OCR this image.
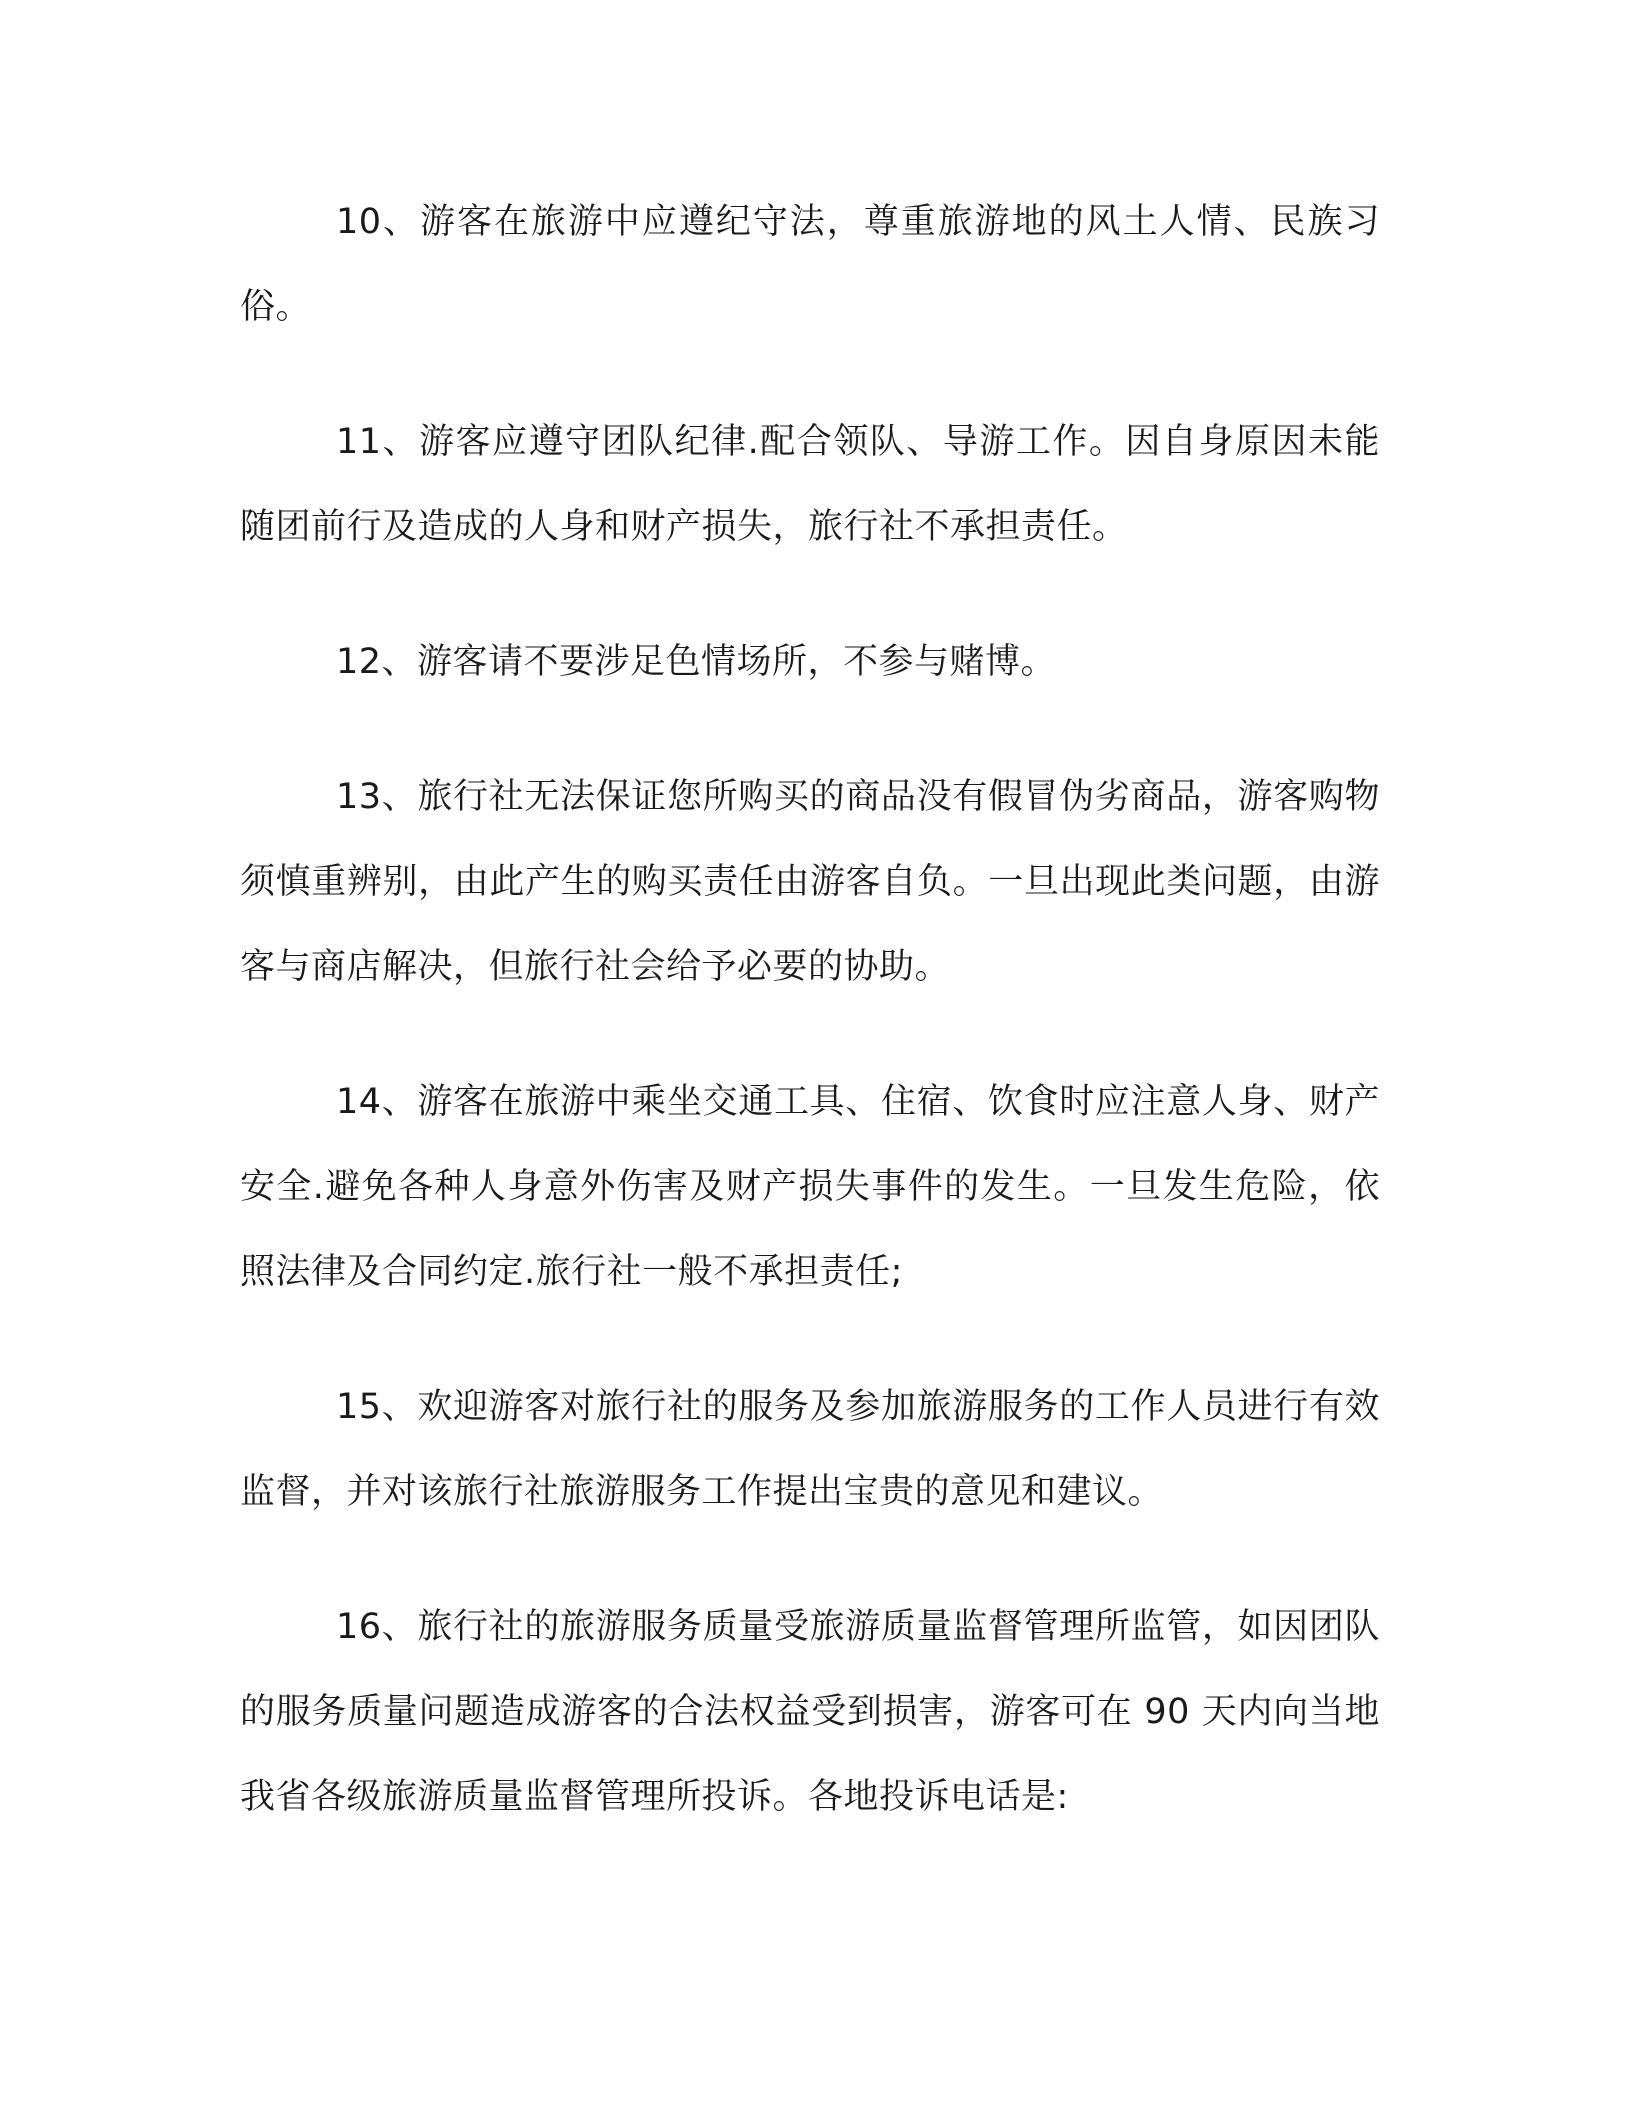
10、游客在旅游中应遵纪守法，尊重旅游地的风土人情、民族习俗。

11、游客应遵守团队纪律.配合领队、导游工作。因自身原因未能随团前行及造成的人身和财产损失，旅行社不承担责任。

12、游客请不要涉足色情场所，不参与赌博。

13、旅行社无法保证您所购买的商品没有假冒伪劣商品，游客购物须慎重辨别，由此产生的购买责任由游客自负。一旦出现此类问题，由游客与商店解决，但旅行社会给予必要的协助。

14、游客在旅游中乘坐交通工具、住宿、饮食时应注意人身、财产安全.避免各种人身意外伤害及财产损失事件的发生。一旦发生危险，依照法律及合同约定.旅行社一般不承担责任;

15、欢迎游客对旅行社的服务及参加旅游服务的工作人员进行有效监督，并对该旅行社旅游服务工作提出宝贵的意见和建议。

16、旅行社的旅游服务质量受旅游质量监督管理所监管，如因团队的服务质量问题造成游客的合法权益受到损害，游客可在 90 天内向当地我省各级旅游质量监督管理所投诉。各地投诉电话是:
